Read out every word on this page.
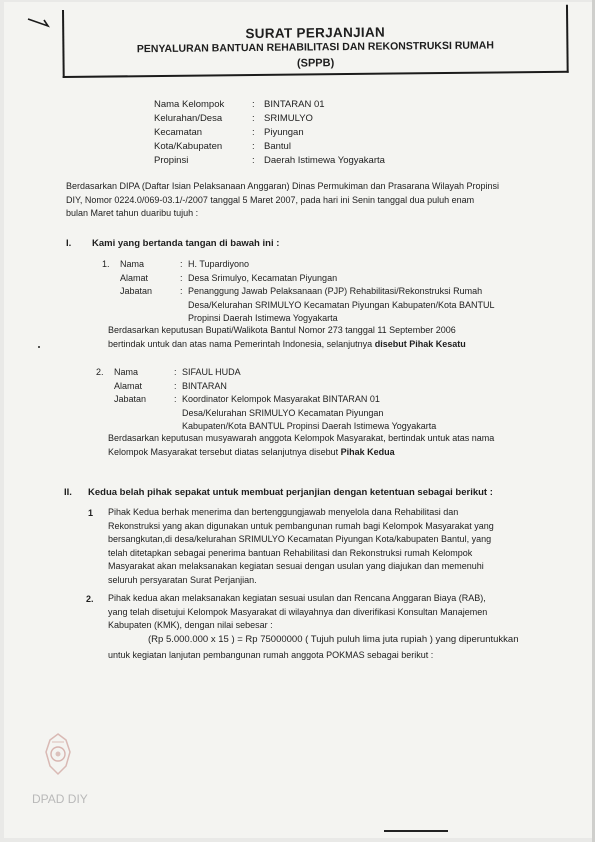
SURAT PERJANJIAN
PENYALURAN BANTUAN REHABILITASI DAN REKONSTRUKSI RUMAH
(SPPB)
Nama Kelompok	: BINTARAN 01
Kelurahan/Desa	: SRIMULYO
Kecamatan	: Piyungan
Kota/Kabupaten	: Bantul
Propinsi	: Daerah Istimewa Yogyakarta
Berdasarkan DIPA (Daftar Isian Pelaksanaan Anggaran) Dinas Permukiman dan Prasarana Wilayah Propinsi
DIY, Nomor 0224.0/069-03.1/-/2007 tanggal 5 Maret 2007, pada hari ini Senin tanggal dua puluh enam
bulan Maret tahun duaribu tujuh :
I. Kami yang bertanda tangan di bawah ini :
1.	Nama	: H. Tupardiyono
Alamat	: Desa Srimulyo, Kecamatan Piyungan
Jabatan	: Penanggung Jawab Pelaksanaan (PJP) Rehabilitasi/Rekonstruksi Rumah
Desa/Kelurahan SRIMULYO Kecamatan Piyungan Kabupaten/Kota BANTUL
Propinsi Daerah Istimewa Yogyakarta
Berdasarkan keputusan Bupati/Walikota Bantul Nomor 273 tanggal 11 September 2006
bertindak untuk dan atas nama Pemerintah Indonesia, selanjutnya disebut Pihak Kesatu
2.	Nama	: SIFAUL HUDA
Alamat	: BINTARAN
Jabatan	: Koordinator Kelompok Masyarakat BINTARAN 01
Desa/Kelurahan SRIMULYO Kecamatan Piyungan
Kabupaten/Kota BANTUL Propinsi Daerah Istimewa Yogyakarta
Berdasarkan keputusan musyawarah anggota Kelompok Masyarakat, bertindak untuk atas nama
Kelompok Masyarakat tersebut diatas selanjutnya disebut Pihak Kedua
II. Kedua belah pihak sepakat untuk membuat perjanjian dengan ketentuan sebagai berikut :
1 Pihak Kedua berhak menerima dan bertenggungjawab menyelola dana Rehabilitasi dan
Rekonstruksi yang akan digunakan untuk pembangunan rumah bagi Kelompok Masyarakat yang
bersangkutan,di desa/kelurahan SRIMULYO Kecamatan Piyungan Kota/kabupaten Bantul, yang
telah ditetapkan sebagai penerima bantuan Rehabilitasi dan Rekonstruksi rumah Kelompok
Masyarakat akan melaksanakan kegiatan sesuai dengan usulan yang diajukan dan memenuhi
seluruh persyaratan Surat Perjanjian.
2. Pihak kedua akan melaksanakan kegiatan sesuai usulan dan Rencana Anggaran Biaya (RAB),
yang telah disetujui Kelompok Masyarakat di wilayahnya dan diverifikasi Konsultan Manajemen
Kabupaten (KMK), dengan nilai sebesar :
(Rp 5.000.000 x 15 ) = Rp 75000000 ( Tujuh puluh lima juta rupiah ) yang diperuntukkan
untuk kegiatan lanjutan pembangunan rumah anggota POKMAS sebagai berikut :
DPAD DIY
